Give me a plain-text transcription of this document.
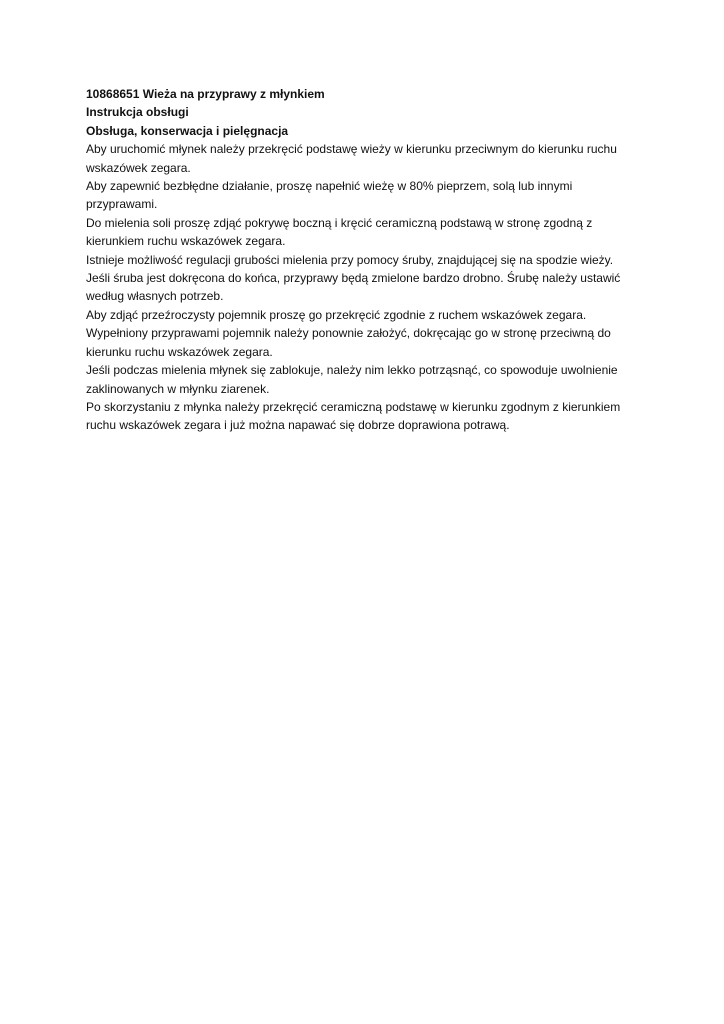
10868651 Wieża na przyprawy z młynkiem

Instrukcja obsługi

Obsługa, konserwacja i pielęgnacja

Aby uruchomić młynek należy przekręcić podstawę wieży w kierunku przeciwnym do kierunku ruchu wskazówek zegara.

Aby zapewnić bezbłędne działanie, proszę napełnić wieżę w 80% pieprzem, solą lub innymi przyprawami.

Do mielenia soli proszę zdjąć pokrywę boczną i kręcić ceramiczną podstawą w stronę zgodną z kierunkiem ruchu wskazówek zegara.

Istnieje możliwość regulacji grubości mielenia przy pomocy śruby, znajdującej się na spodzie wieży.

Jeśli śruba jest dokręcona do końca, przyprawy będą zmielone bardzo drobno. Śrubę należy ustawić według własnych potrzeb.

Aby zdjąć przeźroczysty pojemnik proszę go przekręcić zgodnie z ruchem wskazówek zegara.

Wypełniony przyprawami pojemnik należy ponownie założyć, dokręcając go w stronę przeciwną do kierunku ruchu wskazówek zegara.

Jeśli podczas mielenia młynek się zablokuje, należy nim lekko potrząsnąć, co spowoduje uwolnienie zaklinowanych w młynku ziarenek.

Po skorzystaniu z młynka należy przekręcić ceramiczną podstawę w kierunku zgodnym z kierunkiem ruchu wskazówek zegara i już można napawać się dobrze doprawiona potrawą.
